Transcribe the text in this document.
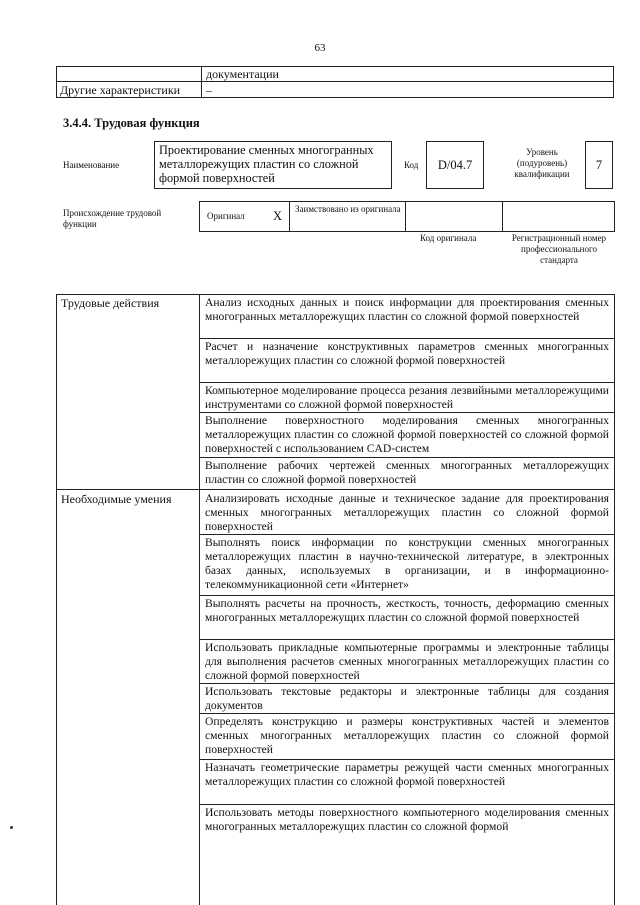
63
документации
Другие характеристики –
3.4.4. Трудовая функция
Наименование
Проектирование сменных многогранных металлорежущих пластин со сложной формой поверхностей
Код	D/04.7
Уровень (подуровень) квалификации
7
Происхождение трудовой функции
Оригинал X Заимствовано из оригинала
Код оригинала	Регистрационный номер профессионального стандарта
Трудовые действия
Необходимые умения
Анализ исходных данных и поиск информации для проектирования сменных многогранных металлорежущих пластин со сложной формой поверхностей
Расчет и назначение конструктивных параметров сменных многогранных металлорежущих пластин со сложной формой поверхностей
Компьютерное моделирование процесса резания лезвийными металлорежущими инструментами со сложной формой поверхностей
Выполнение поверхностного моделирования сменных многогранных металлорежущих пластин со сложной формой поверхностей со сложной формой поверхностей с использованием CAD-систем
Выполнение рабочих чертежей сменных многогранных металлорежущих пластин со сложной формой поверхностей
Анализировать исходные данные и техническое задание для проектирования сменных многогранных металлорежущих пластин со сложной формой поверхностей
Выполнять поиск информации по конструкции сменных многогранных металлорежущих пластин в научно-технической литературе, в электронных базах данных, используемых в организации, и в информационно-телекоммуникационной сети «Интернет»
Выполнять расчеты на прочность, жесткость, точность, деформацию сменных многогранных металлорежущих пластин со сложной формой поверхностей
Использовать прикладные компьютерные программы и электронные таблицы для выполнения расчетов сменных многогранных металлорежущих пластин со сложной формой поверхностей
Использовать текстовые редакторы и электронные таблицы для создания документов
Определять конструкцию и размеры конструктивных частей и элементов сменных многогранных металлорежущих пластин со сложной формой поверхностей
Назначать геометрические параметры режущей части сменных многогранных металлорежущих пластин со сложной формой поверхностей
Использовать методы поверхностного компьютерного моделирования сменных многогранных металлорежущих пластин со сложной формой
